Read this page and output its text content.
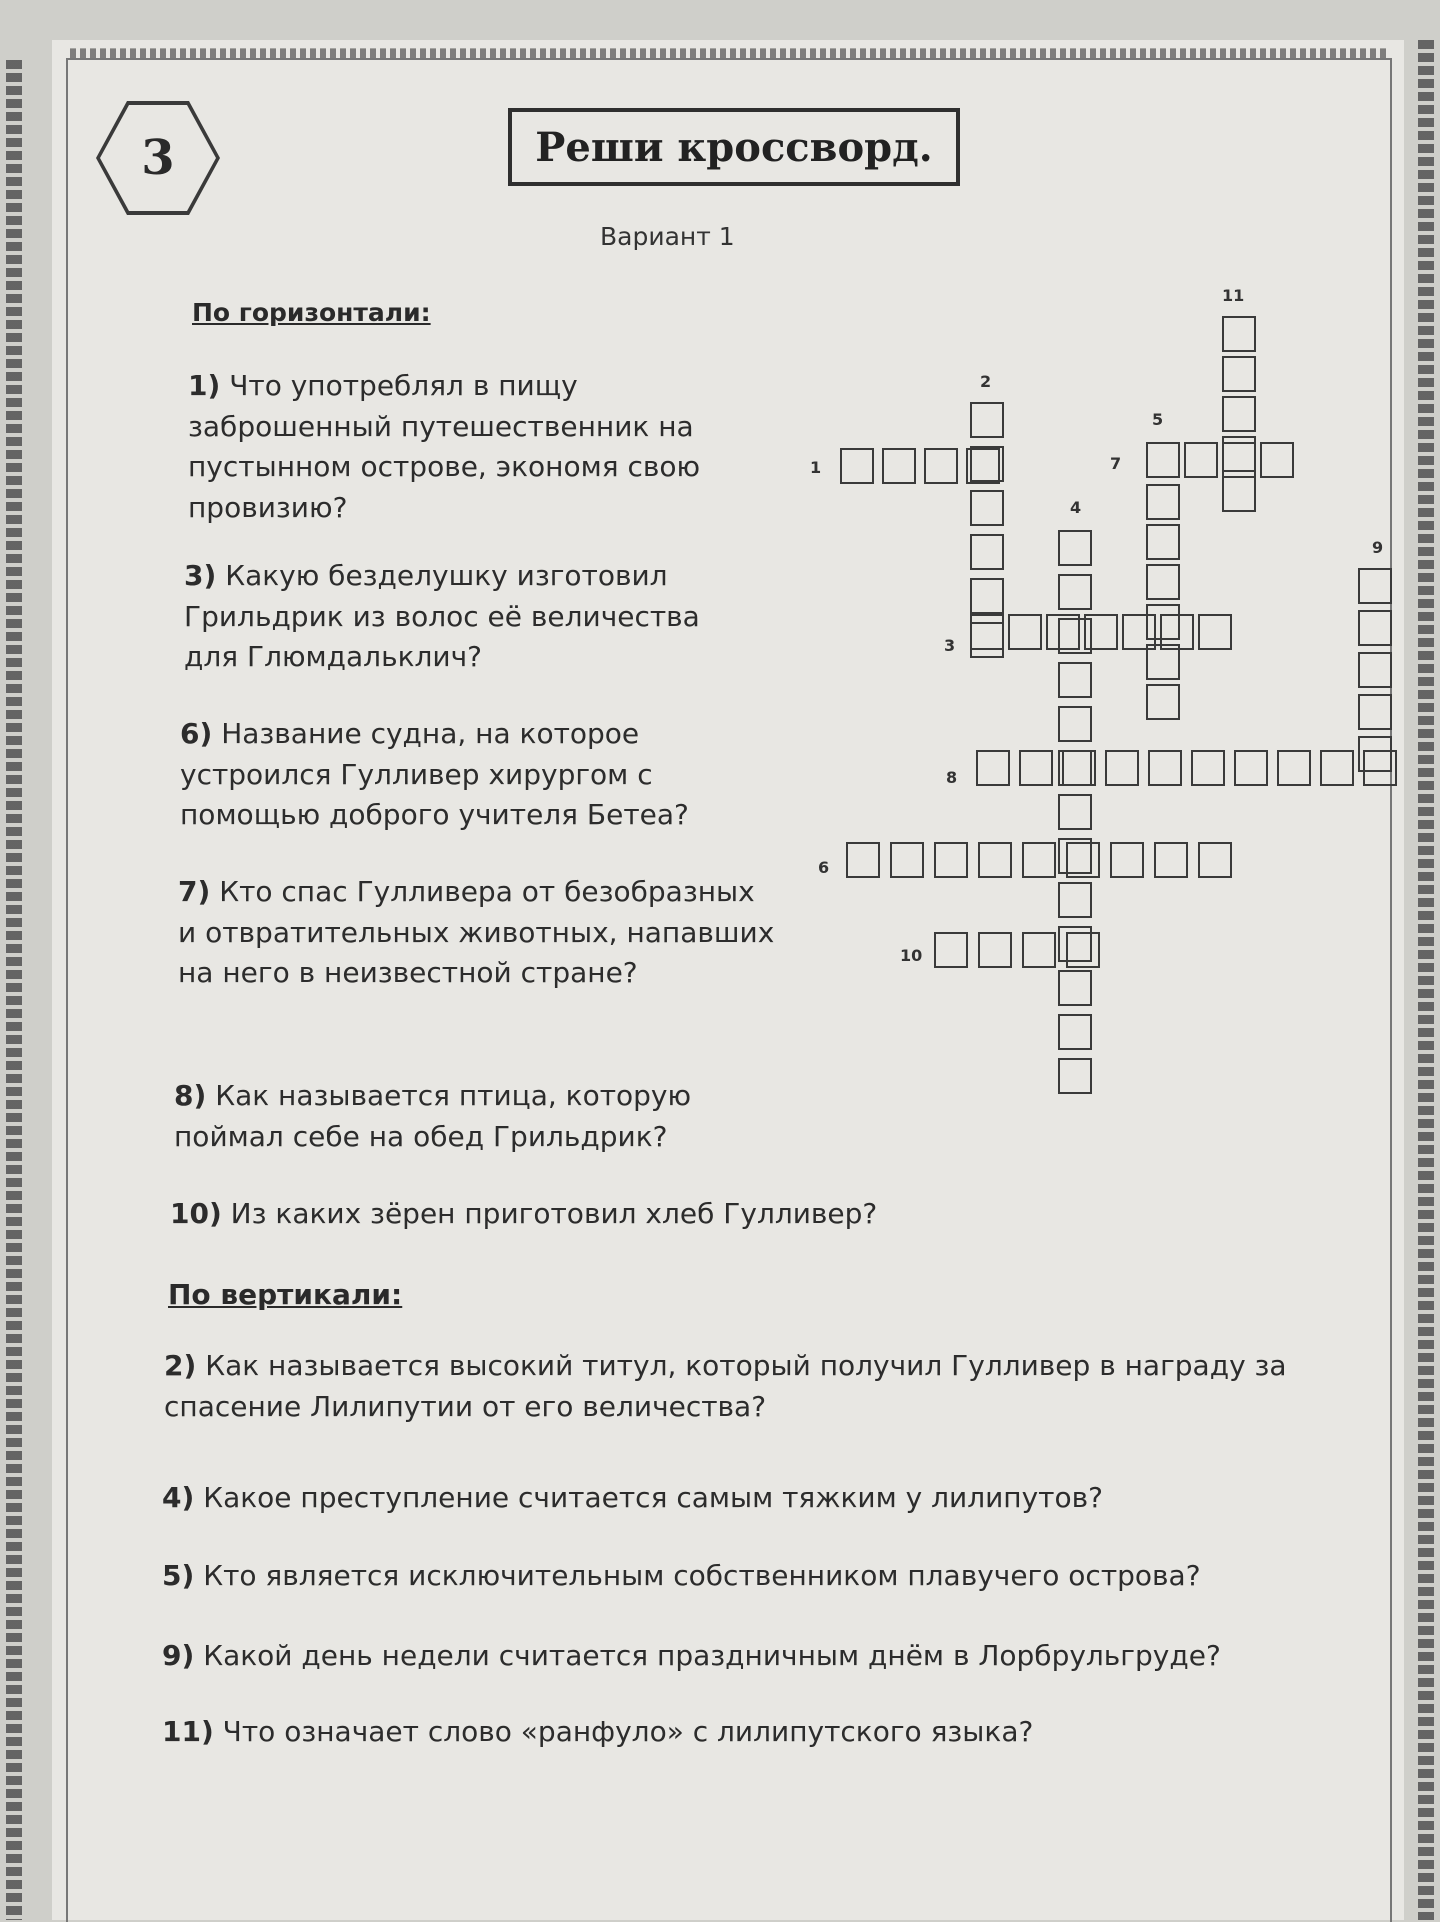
3	Реши кроссворд.
Вариант 1
По горизонтали:
1) Что употреблял в пищу заброшенный путешественник на пустынном острове, экономя свою провизию?
3) Какую безделушку изготовил Грильдрик из волос её величества для Глюмдальклич?
6) Название судна, на которое устроился Гулливер хирургом с помощью доброго учителя Бетеа?
7) Кто спас Гулливера от безобразных и отвратительных животных, напавших на него в неизвестной стране?
8) Как называется птица, которую поймал себе на обед Грильдрик?
10) Из каких зёрен приготовил хлеб Гулливер?
По вертикали:
2) Как называется высокий титул, который получил Гулливер в награду за спасение Лилипутии от его величества?
4) Какое преступление считается самым тяжким у лилипутов?
5) Кто является исключительным собственником плавучего острова?
9) Какой день недели считается праздничным днём в Лорбрульгруде?
11) Что означает слово «ранфуло» с лилипутского языка?
1
2
3
4
5
6
7
8
9
10
11
